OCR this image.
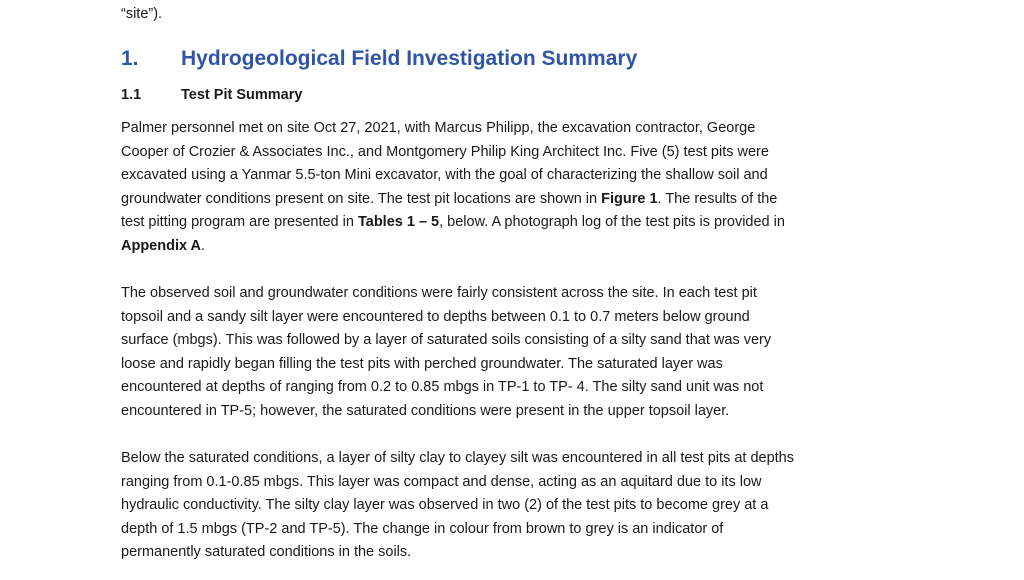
“site”).
1. Hydrogeological Field Investigation Summary
1.1	Test Pit Summary
Palmer personnel met on site Oct 27, 2021, with Marcus Philipp, the excavation contractor, George
Cooper of Crozier & Associates Inc., and Montgomery Philip King Architect Inc. Five (5) test pits were
excavated using a Yanmar 5.5-ton Mini excavator, with the goal of characterizing the shallow soil and
groundwater conditions present on site. The test pit locations are shown in Figure 1. The results of the
test pitting program are presented in Tables 1 – 5, below. A photograph log of the test pits is provided in
Appendix A.
The observed soil and groundwater conditions were fairly consistent across the site. In each test pit
topsoil and a sandy silt layer were encountered to depths between 0.1 to 0.7 meters below ground
surface (mbgs). This was followed by a layer of saturated soils consisting of a silty sand that was very
loose and rapidly began filling the test pits with perched groundwater. The saturated layer was
encountered at depths of ranging from 0.2 to 0.85 mbgs in TP-1 to TP- 4. The silty sand unit was not
encountered in TP-5; however, the saturated conditions were present in the upper topsoil layer.
Below the saturated conditions, a layer of silty clay to clayey silt was encountered in all test pits at depths
ranging from 0.1-0.85 mbgs. This layer was compact and dense, acting as an aquitard due to its low
hydraulic conductivity. The silty clay layer was observed in two (2) of the test pits to become grey at a
depth of 1.5 mbgs (TP-2 and TP-5). The change in colour from brown to grey is an indicator of
permanently saturated conditions in the soils.
